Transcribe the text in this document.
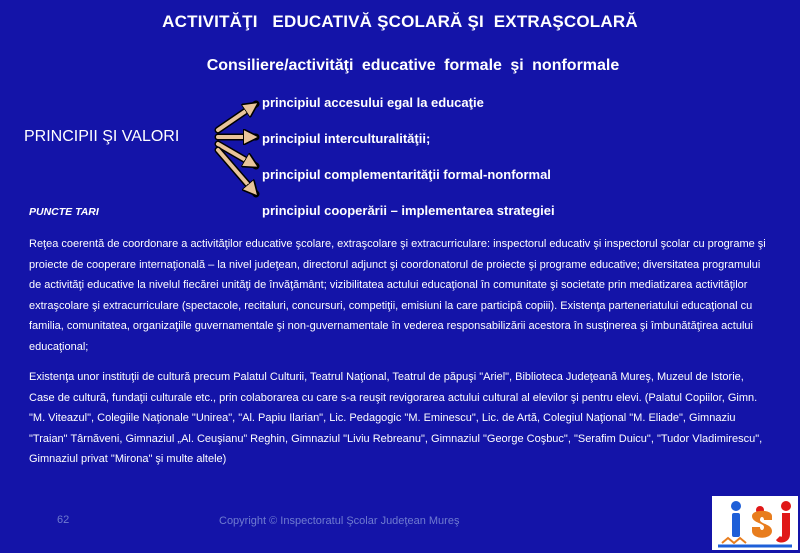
ACTIVITĂŢI   EDUCATIVĂ ŞCOLARĂ ŞI  EXTRAŞCOLARĂ
Consiliere/activităţi educative formale şi nonformale
PRINCIPII ŞI VALORI
principiul accesului egal la educaţie
principiul interculturalităţii;
principiul complementarităţii formal-nonformal
principiul cooperării – implementarea strategiei
PUNCTE TARI
Reţea coerentă de coordonare a activităţilor educative şcolare, extraşcolare şi extracurriculare: inspectorul educativ şi inspectorul şcolar cu programe şi proiecte de cooperare internaţională – la nivel judeţean, directorul adjunct şi coordonatorul de proiecte şi programe educative; diversitatea programului de activităţi educative la nivelul fiecărei unităţi de învăţământ; vizibilitatea actului educaţional în comunitate şi societate prin mediatizarea activităţilor extraşcolare şi extracurriculare (spectacole, recitaluri, concursuri, competiţii, emisiuni la care participă copiii). Existenţa parteneriatului educaţional cu familia, comunitatea, organizaţiile guvernamentale şi non-guvernamentale în vederea responsabilizării acestora în susţinerea şi îmbunătăţirea actului educaţional;
Existenţa unor instituţii de cultură precum Palatul Culturii, Teatrul Naţional, Teatrul de păpuşi "Ariel", Biblioteca Judeţeană Mureş, Muzeul de Istorie, Case de cultură, fundaţii culturale etc., prin colaborarea cu care s-a reuşit revigorarea actului cultural al elevilor şi pentru elevi. (Palatul Copiilor, Gimn. "M. Viteazul", Colegiile Naţionale "Unirea", "Al. Papiu Ilarian", Lic. Pedagogic "M. Eminescu", Lic. de Artă, Colegiul Naţional "M. Eliade", Gimnaziu "Traian" Târnăveni, Gimnaziul „Al. Ceuşianu” Reghin, Gimnaziul "Liviu Rebreanu", Gimnaziul "George Coşbuc", "Serafim Duicu", "Tudor Vladimirescu", Gimnaziul privat "Mirona" şi multe altele)
62	Copyright © Inspectoratul Şcolar Judeţean Mureş
